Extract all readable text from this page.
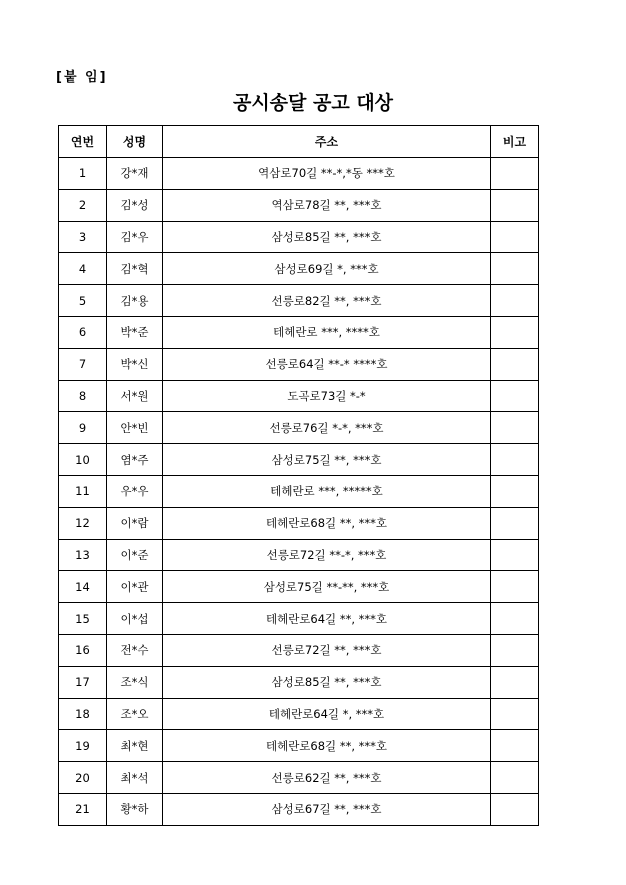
[붙 임]
공시송달 공고 대상
연번	성명	주소	비고
1	강*재	역삼로70길 **-*,*동 ***호	
2	김*성	역삼로78길 **, ***호	
3	김*우	삼성로85길 **, ***호	
4	김*혁	삼성로69길 *, ***호	
5	김*용	선릉로82길 **, ***호	
6	박*준	테헤란로 ***, ****호	
7	박*신	선릉로64길 **-* ****호	
8	서*원	도곡로73길 *-*	
9	안*빈	선릉로76길 *-*, ***호	
10	염*주	삼성로75길 **, ***호	
11	우*우	테헤란로 ***, *****호	
12	이*람	테헤란로68길 **, ***호	
13	이*준	선릉로72길 **-*, ***호	
14	이*관	삼성로75길 **-**, ***호	
15	이*섭	테헤란로64길 **, ***호	
16	전*수	선릉로72길 **, ***호	
17	조*식	삼성로85길 **, ***호	
18	조*오	테헤란로64길 *, ***호	
19	최*현	테헤란로68길 **, ***호	
20	최*석	선릉로62길 **, ***호	
21	황*하	삼성로67길 **, ***호	
